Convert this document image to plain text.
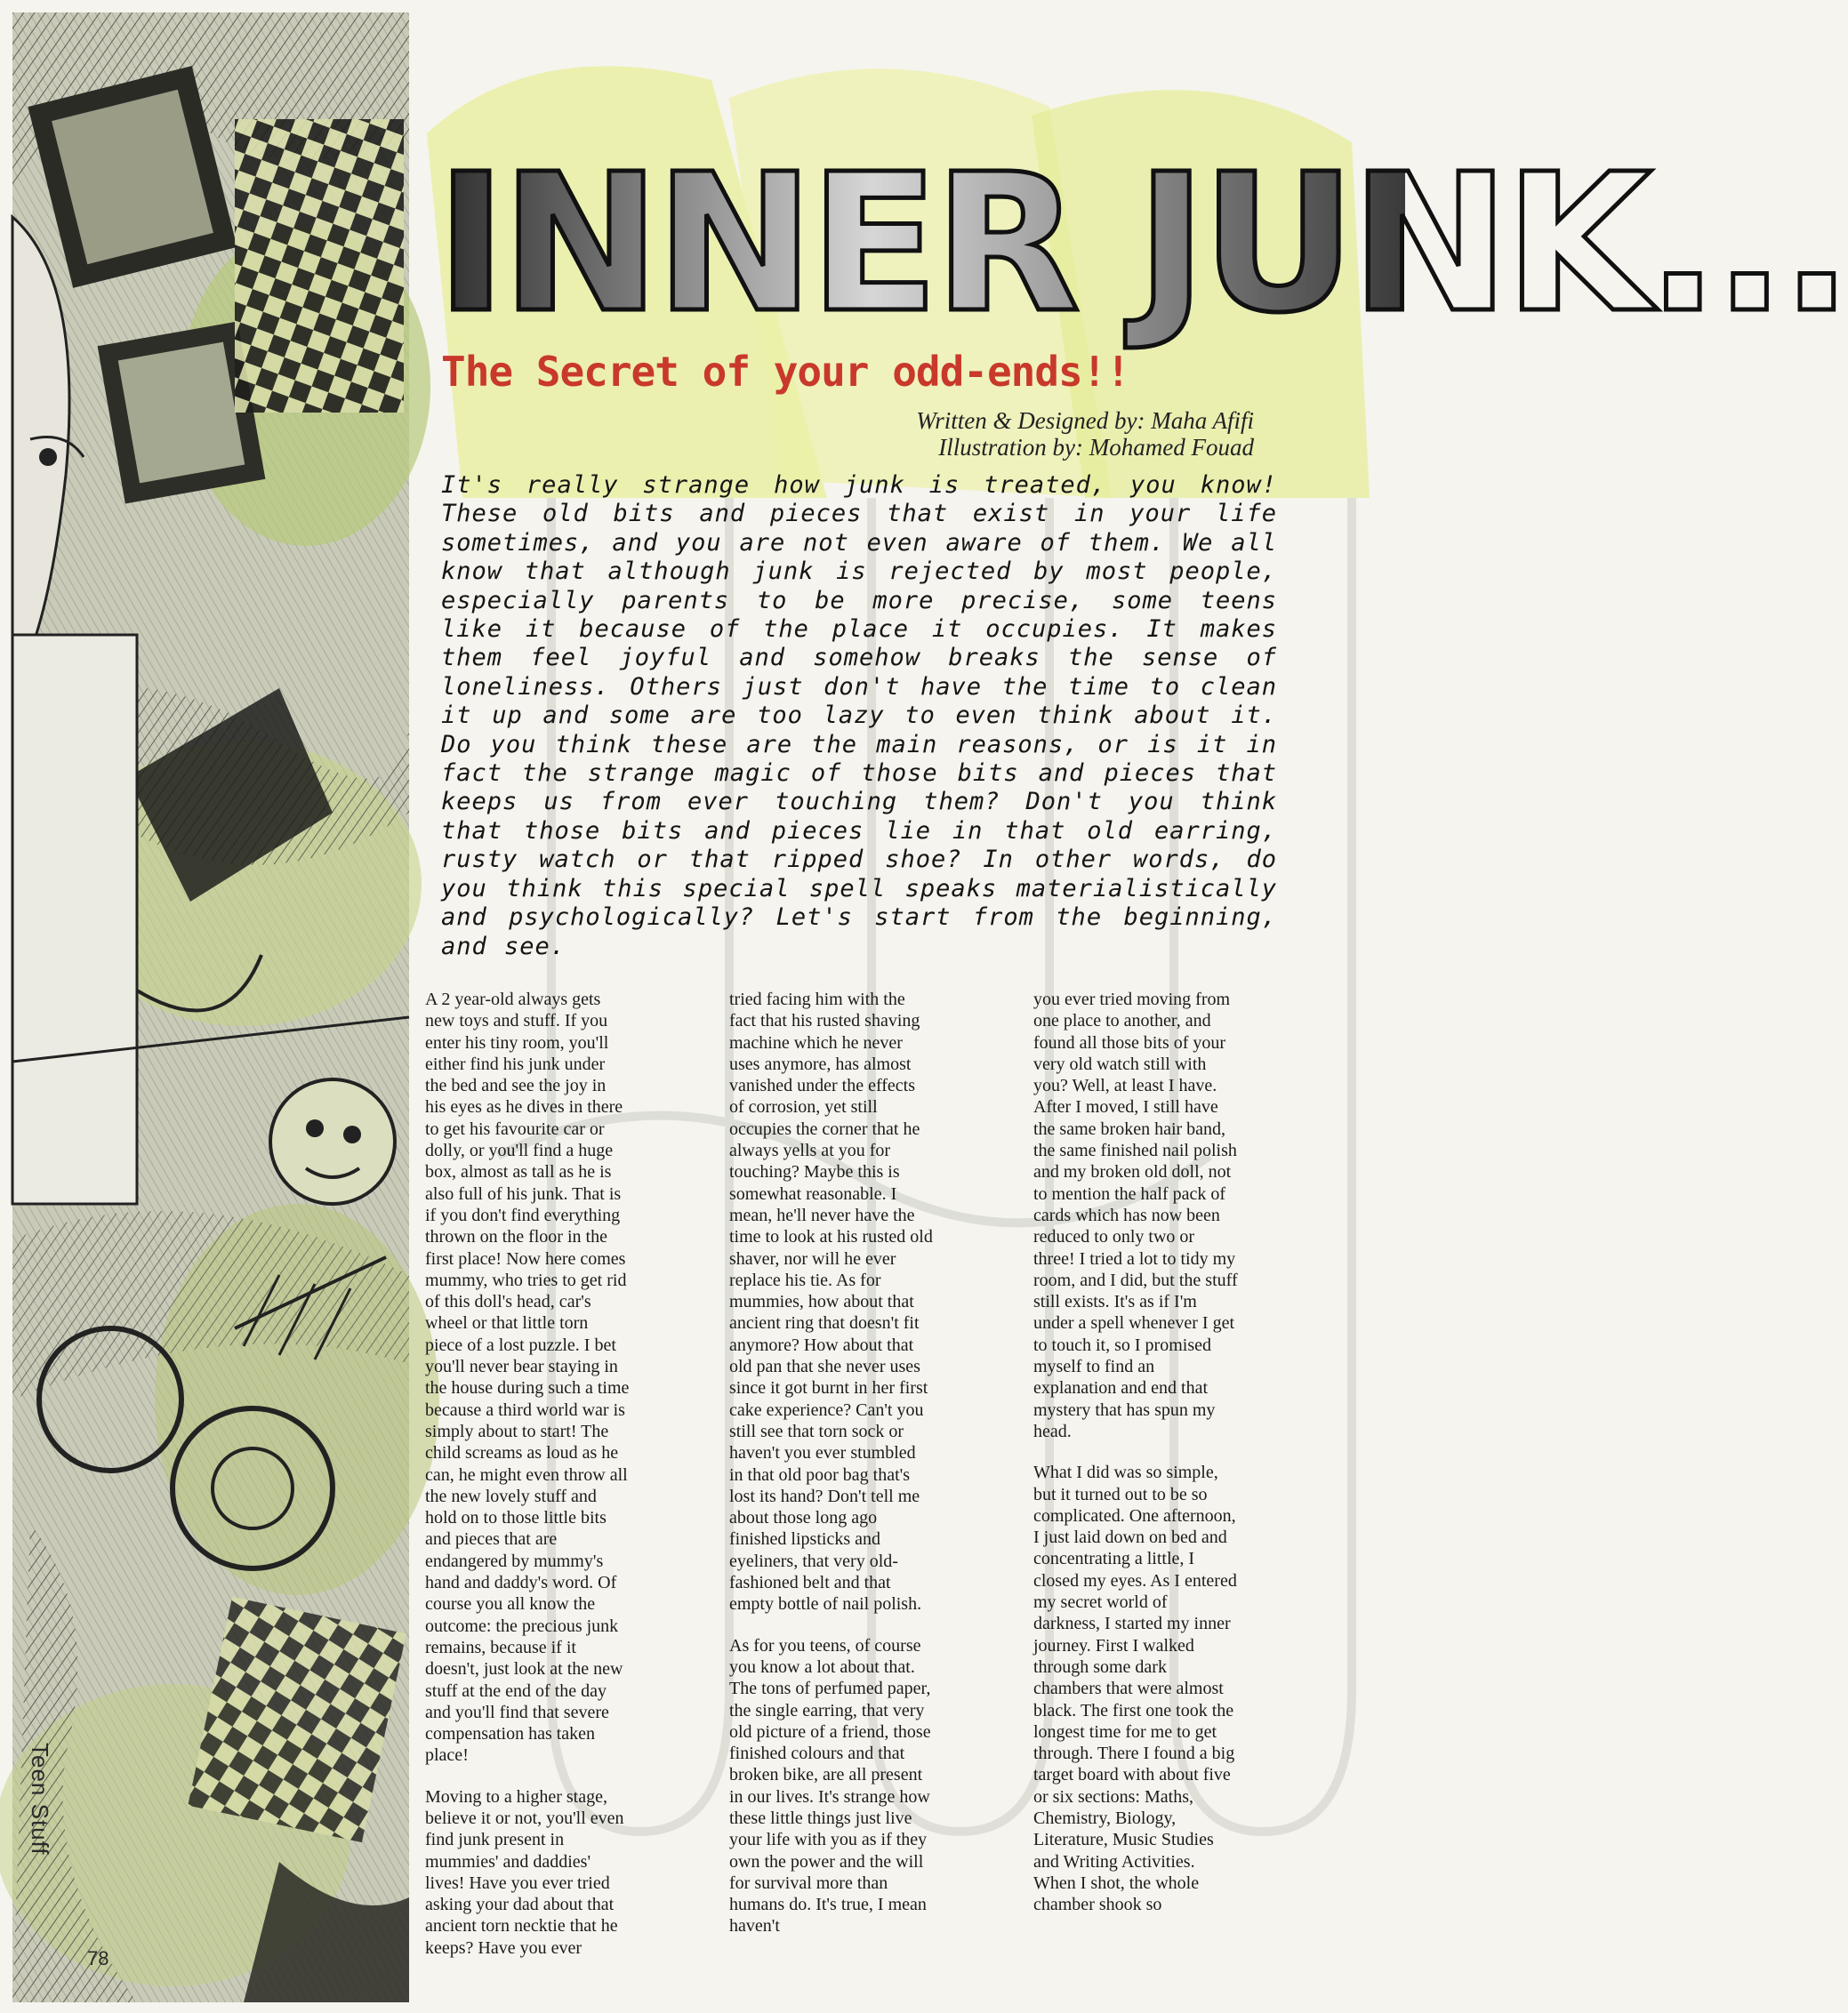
Teen Stuff
78
INNER JUNK...
The Secret of your odd-ends!!
Written & Designed by: Maha Afifi
Illustration by: Mohamed Fouad
It's really strange how junk is treated, you know! These old bits and pieces that exist in your life sometimes, and you are not even aware of them. We all know that although junk is rejected by most people, especially parents to be more precise, some teens like it because of the place it occupies. It makes them feel joyful and somehow breaks the sense of loneliness. Others just don't have the time to clean it up and some are too lazy to even think about it. Do you think these are the main reasons, or is it in fact the strange magic of those bits and pieces that keeps us from ever touching them? Don't you think that those bits and pieces lie in that old earring, rusty watch or that ripped shoe? In other words, do you think this special spell speaks materialistically and psychologically? Let's start from the beginning, and see.

A 2 year-old always gets new toys and stuff. If you enter his tiny room, you'll either find his junk under the bed and see the joy in his eyes as he dives in there to get his favourite car or dolly, or you'll find a huge box, almost as tall as he is also full of his junk. That is if you don't find everything thrown on the floor in the first place! Now here comes mummy, who tries to get rid of this doll's head, car's wheel or that little torn piece of a lost puzzle. I bet you'll never bear staying in the house during such a time because a third world war is simply about to start! The child screams as loud as he can, he might even throw all the new lovely stuff and hold on to those little bits and pieces that are endangered by mummy's hand and daddy's word. Of course you all know the outcome: the precious junk remains, because if it doesn't, just look at the new stuff at the end of the day and you'll find that severe compensation has taken place!

Moving to a higher stage, believe it or not, you'll even find junk present in mummies' and daddies' lives! Have you ever tried asking your dad about that ancient torn necktie that he keeps? Have you ever

tried facing him with the fact that his rusted shaving machine which he never uses anymore, has almost vanished under the effects of corrosion, yet still occupies the corner that he always yells at you for touching? Maybe this is somewhat reasonable. I mean, he'll never have the time to look at his rusted old shaver, nor will he ever replace his tie. As for mummies, how about that ancient ring that doesn't fit anymore? How about that old pan that she never uses since it got burnt in her first cake experience? Can't you still see that torn sock or haven't you ever stumbled in that old poor bag that's lost its hand? Don't tell me about those long ago finished lipsticks and eyeliners, that very old-fashioned belt and that empty bottle of nail polish.

As for you teens, of course you know a lot about that. The tons of perfumed paper, the single earring, that very old picture of a friend, those finished colours and that broken bike, are all present in our lives. It's strange how these little things just live your life with you as if they own the power and the will for survival more than humans do. It's true, I mean haven't

you ever tried moving from one place to another, and found all those bits of your very old watch still with you? Well, at least I have. After I moved, I still have the same broken hair band, the same finished nail polish and my broken old doll, not to mention the half pack of cards which has now been reduced to only two or three! I tried a lot to tidy my room, and I did, but the stuff still exists. It's as if I'm under a spell whenever I get to touch it, so I promised myself to find an explanation and end that mystery that has spun my head.

What I did was so simple, but it turned out to be so complicated. One afternoon, I just laid down on bed and concentrating a little, I closed my eyes. As I entered my secret world of darkness, I started my inner journey. First I walked through some dark chambers that were almost black. The first one took the longest time for me to get through. There I found a big target board with about five or six sections: Maths, Chemistry, Biology, Literature, Music Studies and Writing Activities. When I shot, the whole chamber shook so
